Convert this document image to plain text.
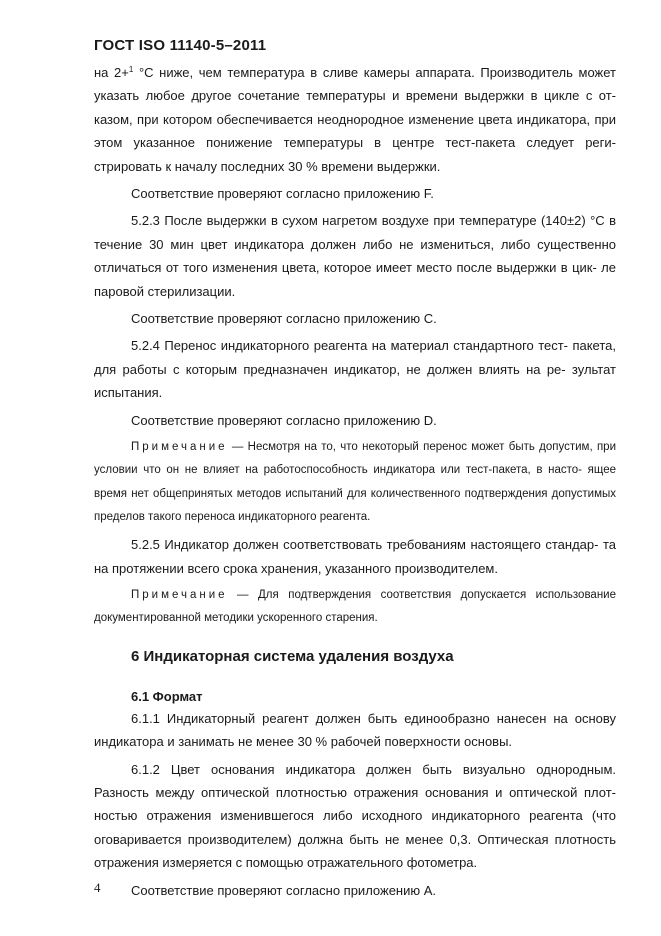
ГОСТ ISO 11140-5–2011

на 2+$^1$ °С ниже, чем температура в сливе камеры аппарата. Производитель может указать любое другое сочетание температуры и времени выдержки в цикле с от- казом, при котором обеспечивается неоднородное изменение цвета индикатора, при этом указанное понижение температуры в центре тест-пакета следует реги- стрировать к началу последних 30 % времени выдержки.

Соответствие проверяют согласно приложению F.

5.2.3 После выдержки в сухом нагретом воздухе при температуре (140±2) °С в течение 30 мин цвет индикатора должен либо не измениться, либо существенно отличаться от того изменения цвета, которое имеет место после выдержки в цик- ле паровой стерилизации.

Соответствие проверяют согласно приложению С.

5.2.4 Перенос индикаторного реагента на материал стандартного тест- пакета, для работы с которым предназначен индикатор, не должен влиять на ре- зультат испытания.

Соответствие проверяют согласно приложению D.

Примечание — Несмотря на то, что некоторый перенос может быть допустим, при условии что он не влияет на работоспособность индикатора или тест-пакета, в насто- ящее время нет общепринятых методов испытаний для количественного подтверждения допустимых пределов такого переноса индикаторного реагента.

5.2.5 Индикатор должен соответствовать требованиям настоящего стандар- та на протяжении всего срока хранения, указанного производителем.

Примечание — Для подтверждения соответствия допускается использование документированной методики ускоренного старения.

6 Индикаторная система удаления воздуха
6.1 Формат

6.1.1 Индикаторный реагент должен быть единообразно нанесен на основу индикатора и занимать не менее 30 % рабочей поверхности основы.

6.1.2 Цвет основания индикатора должен быть визуально однородным. Разность между оптической плотностью отражения основания и оптической плот- ностью отражения изменившегося либо исходного индикаторного реагента (что оговаривается производителем) должна быть не менее 0,3. Оптическая плотность отражения измеряется с помощью отражательного фотометра.

Соответствие проверяют согласно приложению А.

4
